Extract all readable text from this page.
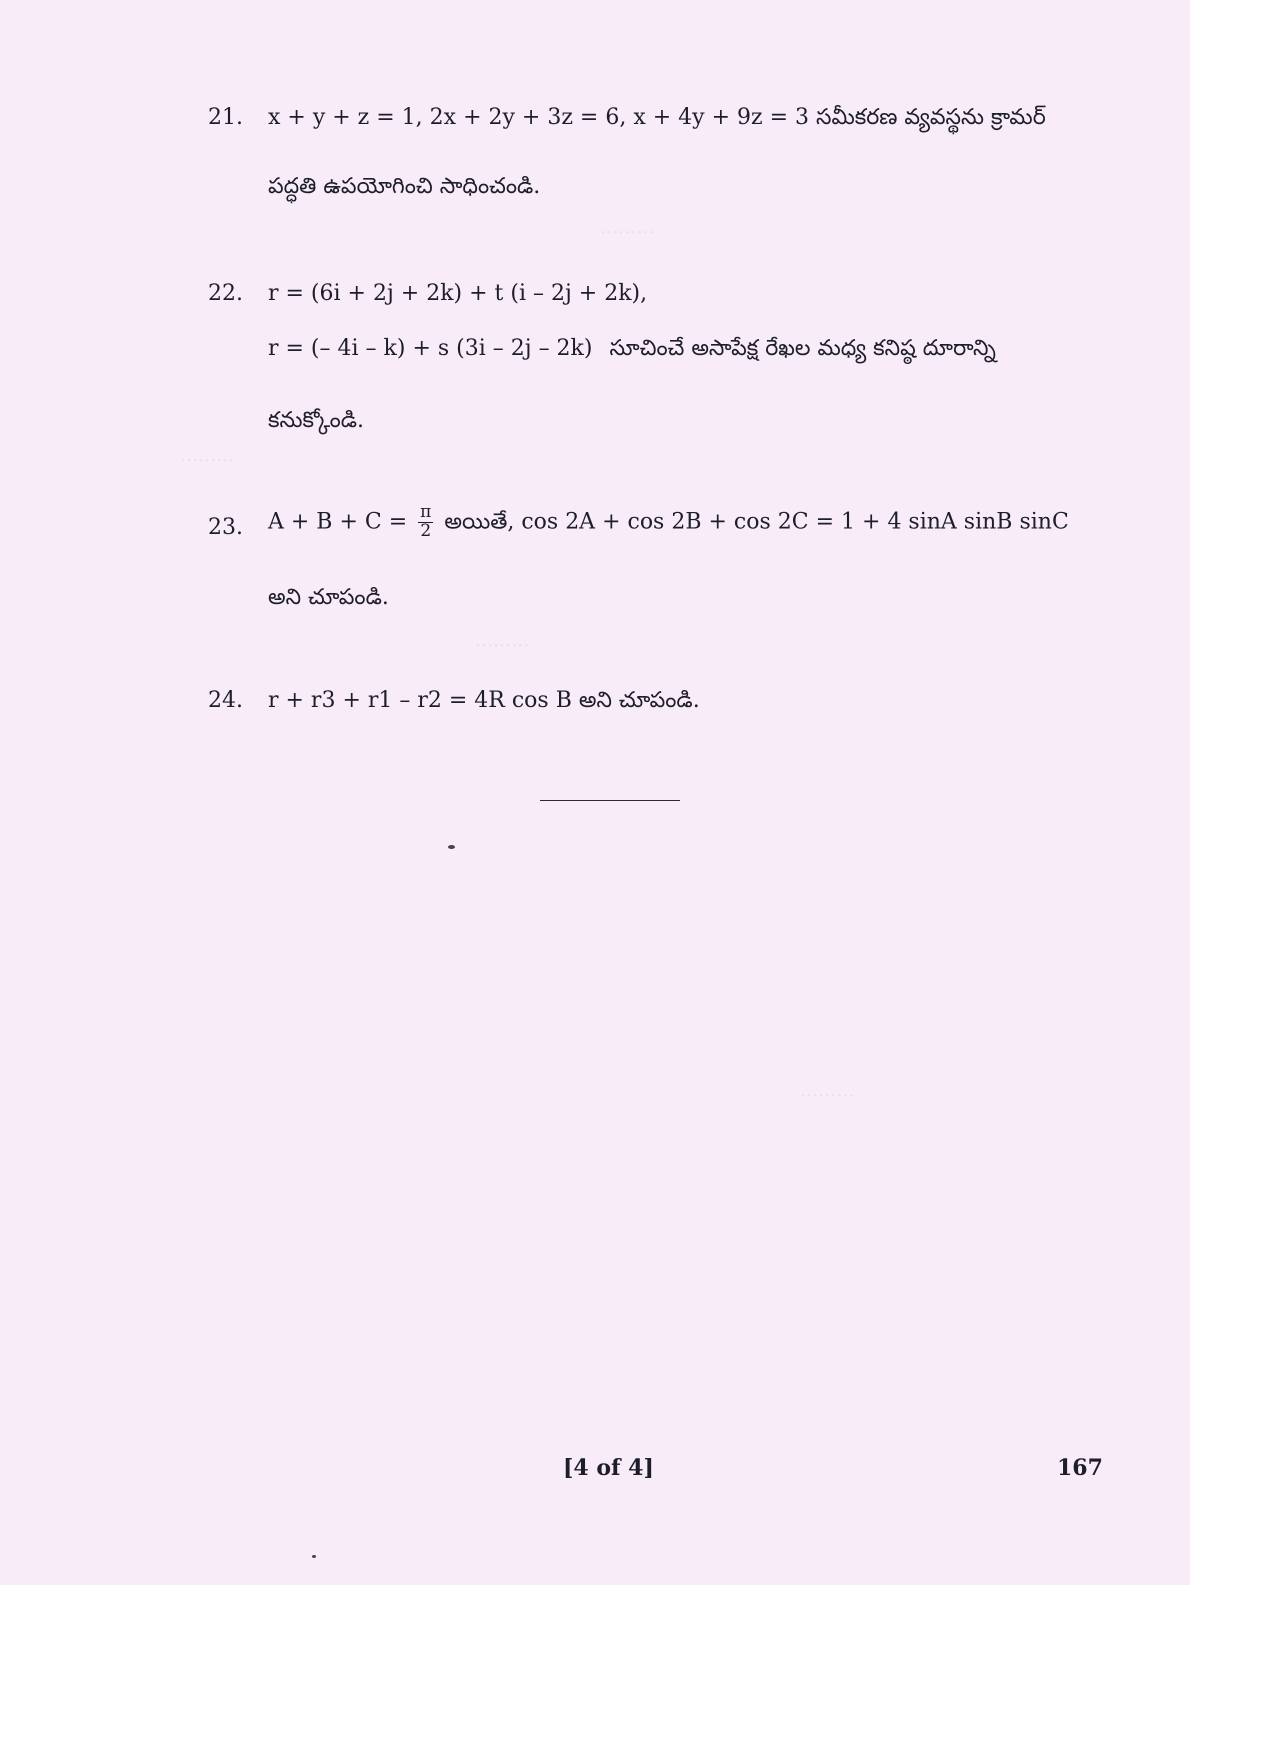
·········
·········
·········
·········
21. x + y + z = 1, 2x + 2y + 3z = 6, x + 4y + 9z = 3 సమీకరణ వ్యవస్థను క్రామర్
పద్ధతి ఉపయోగించి సాధించండి.
22. r = (6i + 2j + 2k) + t (i – 2j + 2k),
r = (– 4i – k) + s (3i – 2j – 2k) సూచించే అసాపేక్ష రేఖల మధ్య కనిష్ఠ దూరాన్ని
కనుక్కోండి.
23. $A + B + C = \frac{\pi}{2}$ అయితే, cos 2A + cos 2B + cos 2C = 1 + 4 sinA sinB sinC
అని చూపండి.
24. r + r3 + r1 – r2 = 4R cos B అని చూపండి.
[4 of 4]	167
